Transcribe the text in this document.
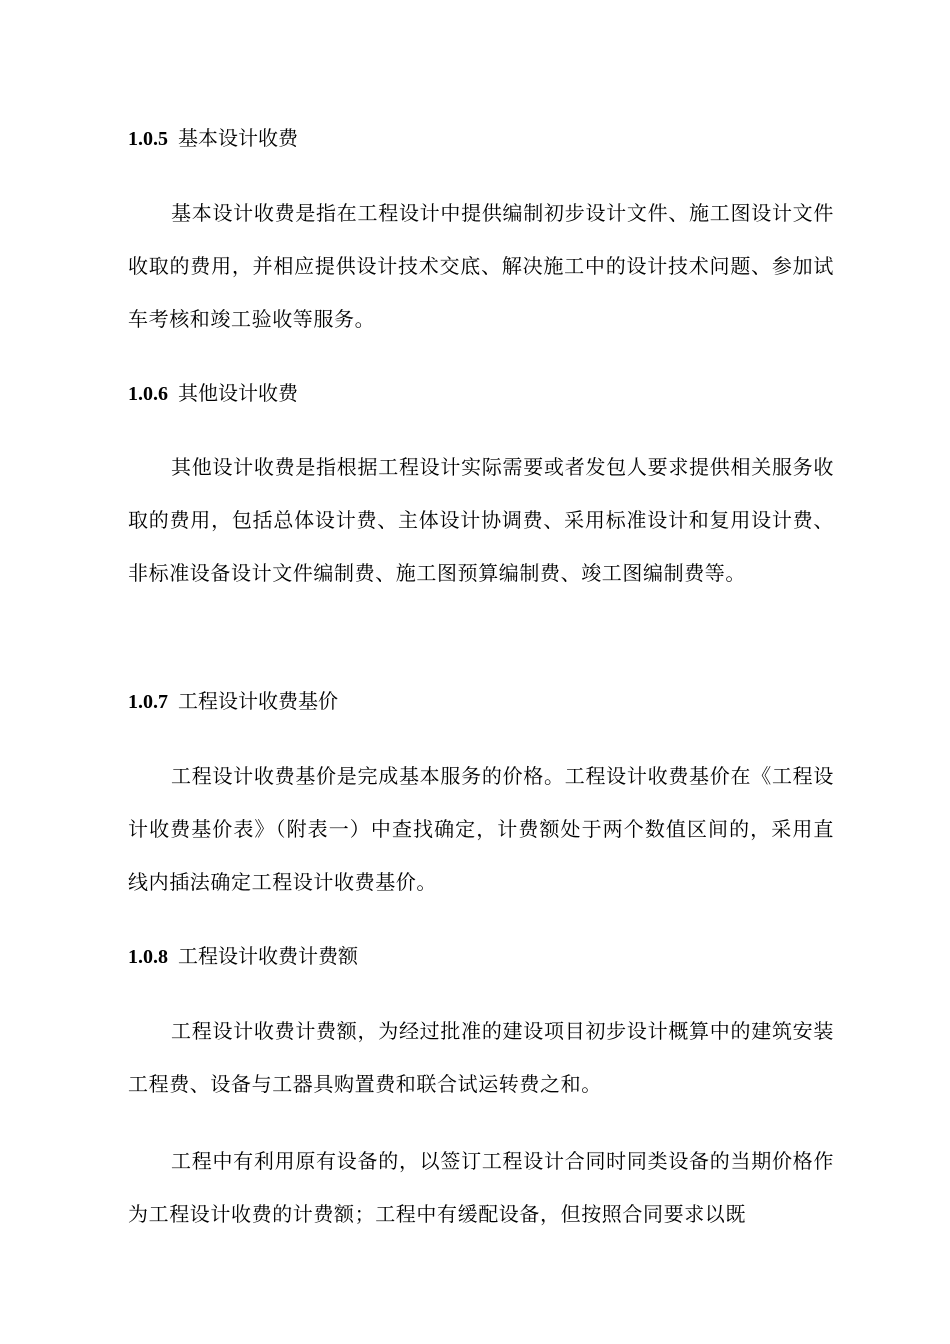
1.0.5 基本设计收费

基本设计收费是指在工程设计中提供编制初步设计文件、施工图设计文件收取的费用，并相应提供设计技术交底、解决施工中的设计技术问题、参加试车考核和竣工验收等服务。

1.0.6 其他设计收费

其他设计收费是指根据工程设计实际需要或者发包人要求提供相关服务收取的费用，包括总体设计费、主体设计协调费、采用标准设计和复用设计费、非标准设备设计文件编制费、施工图预算编制费、竣工图编制费等。

1.0.7 工程设计收费基价

工程设计收费基价是完成基本服务的价格。工程设计收费基价在《工程设计收费基价表》（附表一）中查找确定，计费额处于两个数值区间的，采用直线内插法确定工程设计收费基价。

1.0.8 工程设计收费计费额

工程设计收费计费额，为经过批准的建设项目初步设计概算中的建筑安装工程费、设备与工器具购置费和联合试运转费之和。

工程中有利用原有设备的，以签订工程设计合同时同类设备的当期价格作为工程设计收费的计费额；工程中有缓配设备，但按照合同要求以既
